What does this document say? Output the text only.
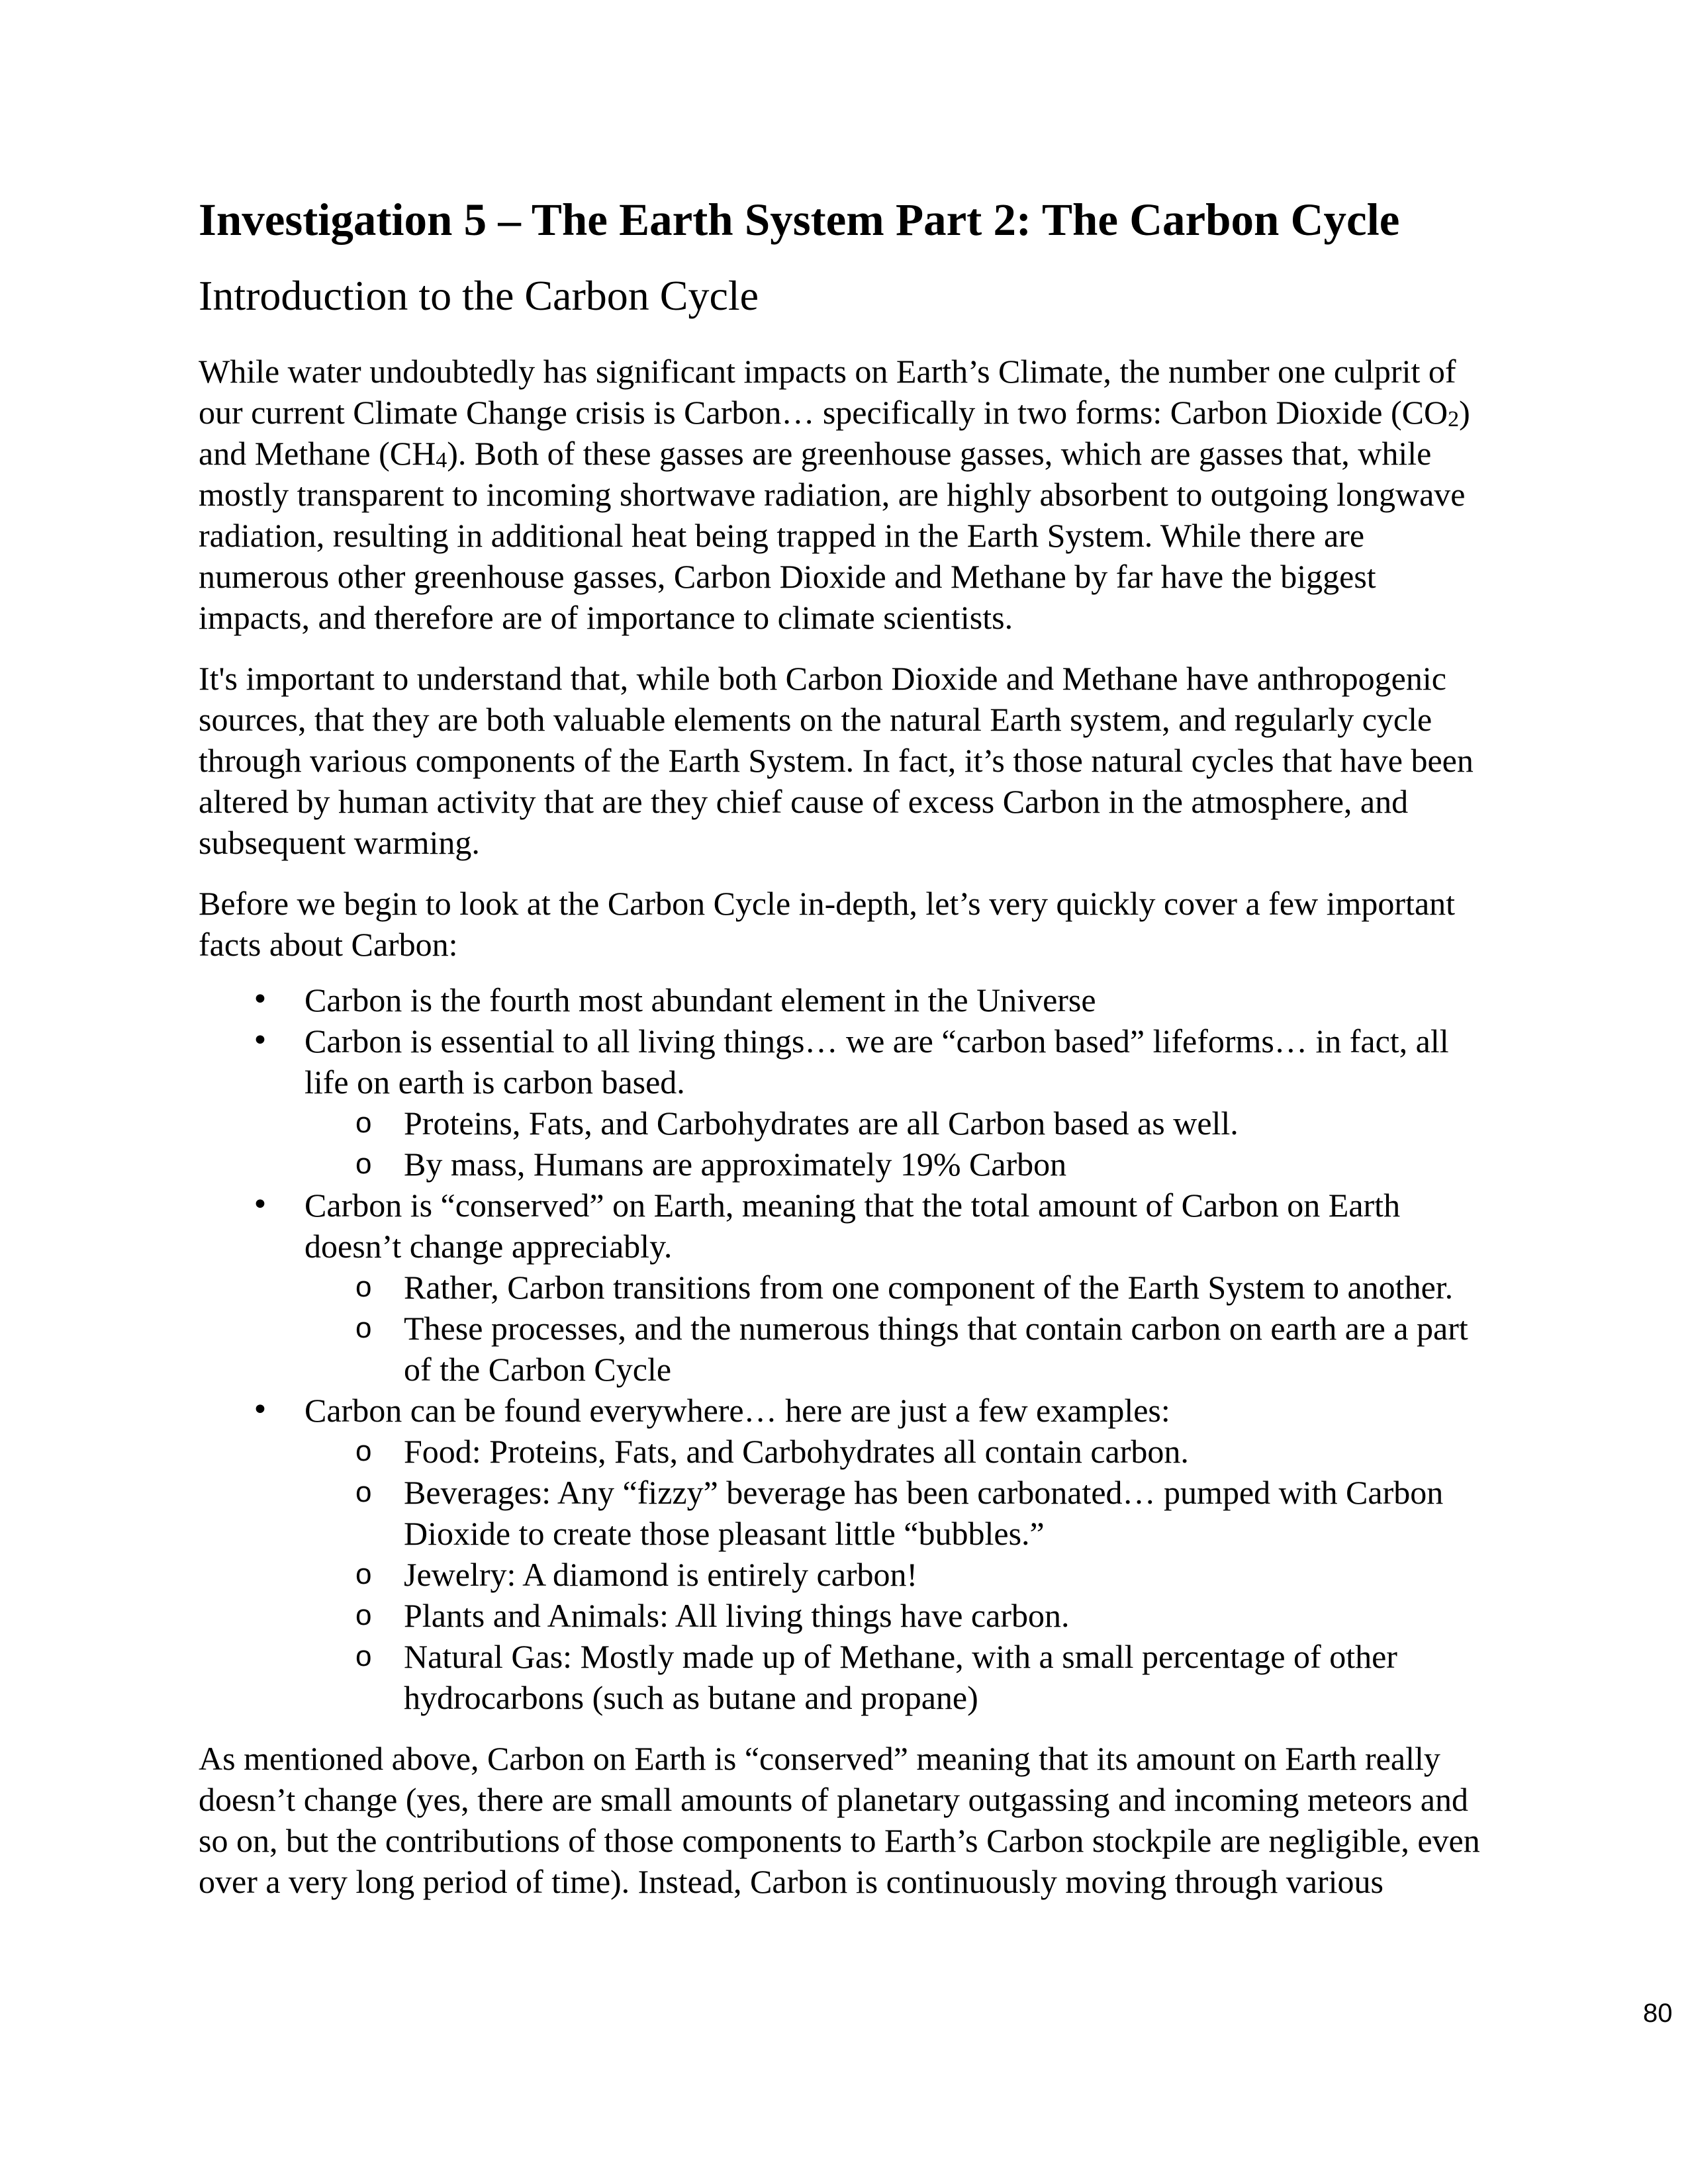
Investigation 5 – The Earth System Part 2: The Carbon Cycle
Introduction to the Carbon Cycle

While water undoubtedly has significant impacts on Earth’s Climate, the number one culprit of our current Climate Change crisis is Carbon… specifically in two forms: Carbon Dioxide $(CO_2)$ and Methane $(CH_4)$. Both of these gasses are greenhouse gasses, which are gasses that, while mostly transparent to incoming shortwave radiation, are highly absorbent to outgoing longwave radiation, resulting in additional heat being trapped in the Earth System. While there are numerous other greenhouse gasses, Carbon Dioxide and Methane by far have the biggest impacts, and therefore are of importance to climate scientists.

It's important to understand that, while both Carbon Dioxide and Methane have anthropogenic sources, that they are both valuable elements on the natural Earth system, and regularly cycle through various components of the Earth System. In fact, it’s those natural cycles that have been altered by human activity that are they chief cause of excess Carbon in the atmosphere, and subsequent warming.

Before we begin to look at the Carbon Cycle in-depth, let’s very quickly cover a few important facts about Carbon:

• Carbon is the fourth most abundant element in the Universe
• Carbon is essential to all living things… we are “carbon based” lifeforms… in fact, all life on earth is carbon based.
o Proteins, Fats, and Carbohydrates are all Carbon based as well.
o By mass, Humans are approximately 19% Carbon
• Carbon is “conserved” on Earth, meaning that the total amount of Carbon on Earth doesn’t change appreciably.
o Rather, Carbon transitions from one component of the Earth System to another.
o These processes, and the numerous things that contain carbon on earth are a part of the Carbon Cycle
• Carbon can be found everywhere… here are just a few examples:
o Food: Proteins, Fats, and Carbohydrates all contain carbon.
o Beverages: Any “fizzy” beverage has been carbonated… pumped with Carbon Dioxide to create those pleasant little “bubbles.”
o Jewelry: A diamond is entirely carbon!
o Plants and Animals: All living things have carbon.
o Natural Gas: Mostly made up of Methane, with a small percentage of other hydrocarbons (such as butane and propane)

As mentioned above, Carbon on Earth is “conserved” meaning that its amount on Earth really doesn’t change (yes, there are small amounts of planetary outgassing and incoming meteors and so on, but the contributions of those components to Earth’s Carbon stockpile are negligible, even over a very long period of time). Instead, Carbon is continuously moving through various

80
